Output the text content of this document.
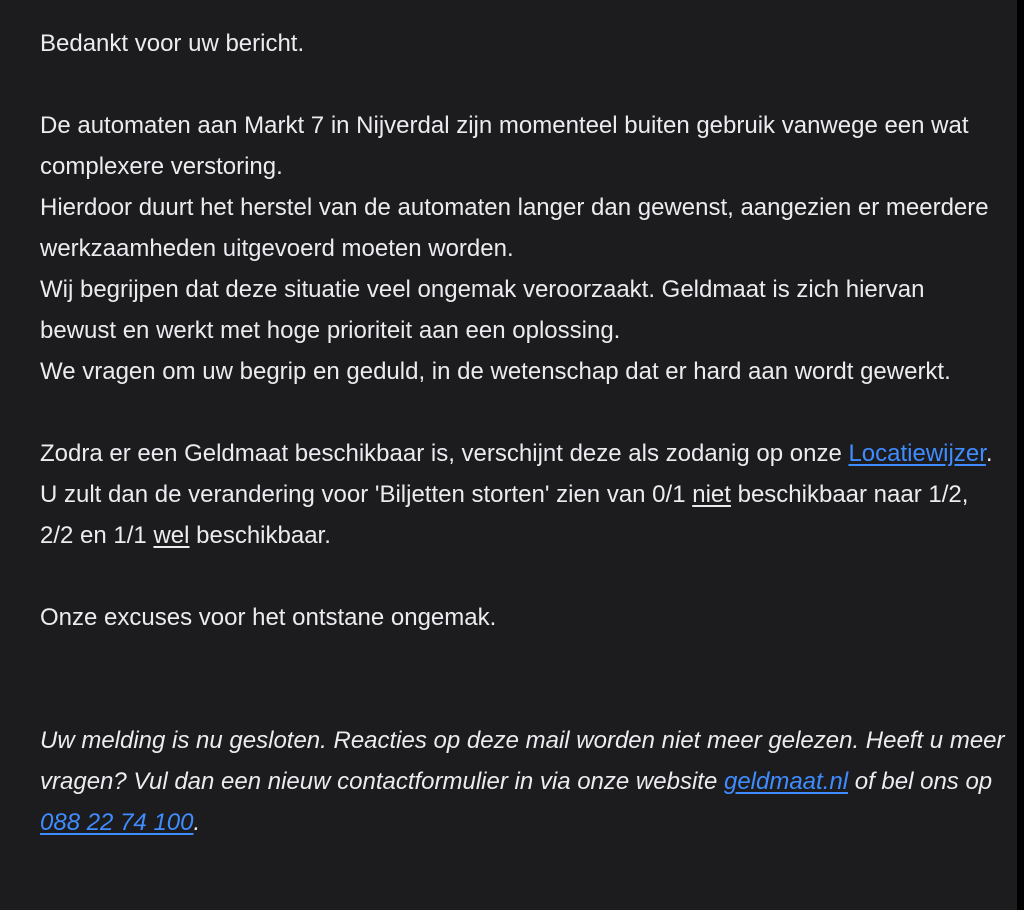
Bedankt voor uw bericht.

De automaten aan Markt 7 in Nijverdal zijn momenteel buiten gebruik vanwege een wat complexere verstoring.

Hierdoor duurt het herstel van de automaten langer dan gewenst, aangezien er meerdere werkzaamheden uitgevoerd moeten worden.

Wij begrijpen dat deze situatie veel ongemak veroorzaakt. Geldmaat is zich hiervan bewust en werkt met hoge prioriteit aan een oplossing.

We vragen om uw begrip en geduld, in de wetenschap dat er hard aan wordt gewerkt.

Zodra er een Geldmaat beschikbaar is, verschijnt deze als zodanig op onze Locatiewijzer.

U zult dan de verandering voor 'Biljetten storten' zien van 0/1 niet beschikbaar naar 1/2, 2/2 en 1/1 wel beschikbaar.

Onze excuses voor het ontstane ongemak.

Uw melding is nu gesloten. Reacties op deze mail worden niet meer gelezen. Heeft u meer vragen? Vul dan een nieuw contactformulier in via onze website geldmaat.nl of bel ons op 088 22 74 100.
